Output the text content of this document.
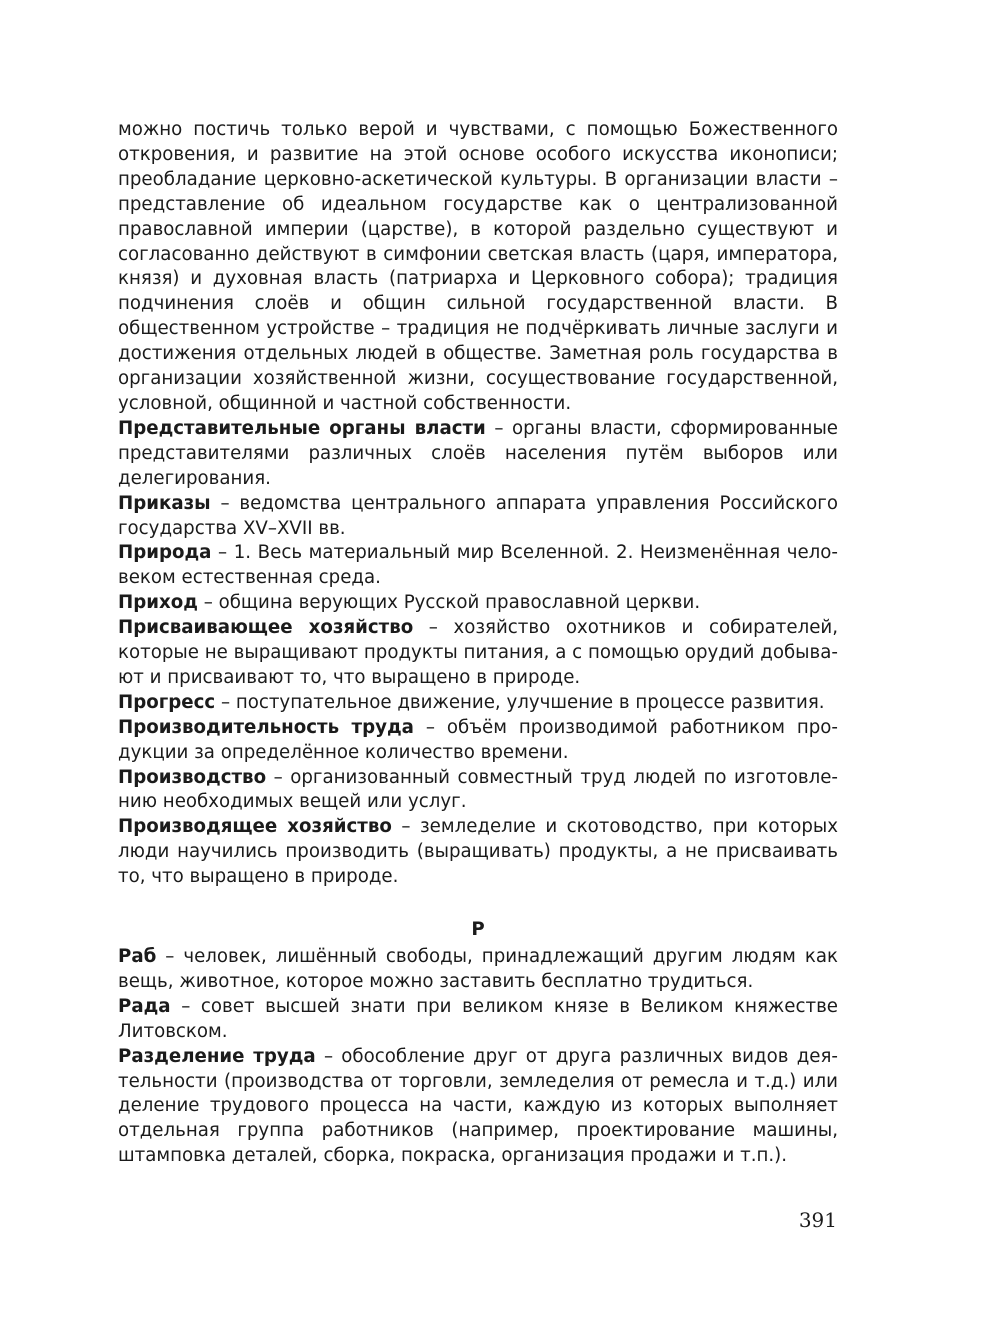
можно постичь только верой и чувствами, с помощью Божественного откровения, и развитие на этой основе особого искусства иконописи; преобладание церковно-аскетической культуры. В организации власти – представление об идеальном государстве как о централизованной православной империи (царстве), в которой раздельно существуют и согласованно действуют в симфонии светская власть (царя, императора, князя) и духовная власть (патриарха и Церковного собора); традиция подчинения слоёв и общин сильной государственной власти. В общественном устройстве – традиция не подчёркивать личные заслуги и достижения отдельных людей в обществе. Заметная роль государства в организации хозяйственной жизни, сосуществование государственной, условной, общинной и частной собственности.

Представительные органы власти – органы власти, сформированные представителями различных слоёв населения путём выборов или делегирования.

Приказы – ведомства центрального аппарата управления Российского государства XV–XVII вв.

Природа – 1. Весь материальный мир Вселенной. 2. Неизменённая человеком естественная среда.

Приход – община верующих Русской православной церкви.

Присваивающее хозяйство – хозяйство охотников и собирателей, которые не выращивают продукты питания, а с помощью орудий добывают и присваивают то, что выращено в природе.

Прогресс – поступательное движение, улучшение в процессе развития.

Производительность труда – объём производимой работником продукции за определённое количество времени.

Производство – организованный совместный труд людей по изготовлению необходимых вещей или услуг.

Производящее хозяйство – земледелие и скотоводство, при которых люди научились производить (выращивать) продукты, а не присваивать то, что выращено в природе.

Р

Раб – человек, лишённый свободы, принадлежащий другим людям как вещь, животное, которое можно заставить бесплатно трудиться.

Рада – совет высшей знати при великом князе в Великом княжестве Литовском.

Разделение труда – обособление друг от друга различных видов деятельности (производства от торговли, земледелия от ремесла и т.д.) или деление трудового процесса на части, каждую из которых выполняет отдельная группа работников (например, проектирование машины, штамповка деталей, сборка, покраска, организация продажи и т.п.).

391
